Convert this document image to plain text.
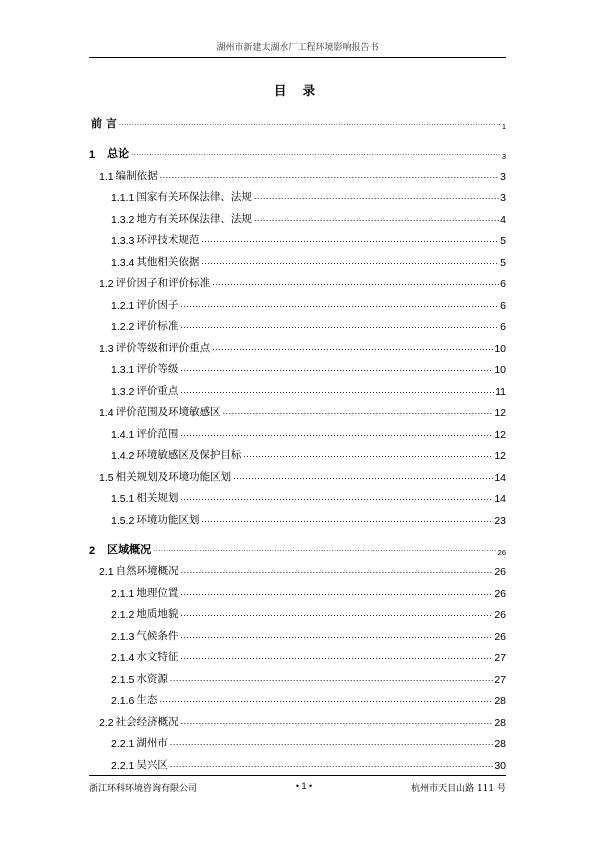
湖州市新建太湖水厂工程环境影响报告书
目 录
前 言 .....	1
1 总论 .....	3
1.1 编制依据 .....	3
1.1.1 国家有关环保法律、法规 .....	3
1.3.2 地方有关环保法律、法规 .....	4
1.3.3 环评技术规范 .....	5
1.3.4 其他相关依据 .....	5
1.2 评价因子和评价标准 .....	6
1.2.1 评价因子 .....	6
1.2.2 评价标准 .....	6
1.3 评价等级和评价重点 .....	10
1.3.1 评价等级 .....	10
1.3.2 评价重点 .....	11
1.4 评价范围及环境敏感区 .....	12
1.4.1 评价范围 .....	12
1.4.2 环境敏感区及保护目标 .....	12
1.5 相关规划及环境功能区划 .....	14
1.5.1 相关规划 .....	14
1.5.2 环境功能区划 .....	23
2 区域概况 .....	26
2.1 自然环境概况 .....	26
2.1.1 地理位置 .....	26
2.1.2 地质地貌 .....	26
2.1.3 气候条件 .....	26
2.1.4 水文特征 .....	27
2.1.5 水资源 .....	27
2.1.6 生态 .....	28
2.2 社会经济概况 .....	28
2.2.1 湖州市 .....	28
2.2.1 吴兴区 .....	30
浙江环科环境咨询有限公司	• 1 •	杭州市天目山路 111 号
